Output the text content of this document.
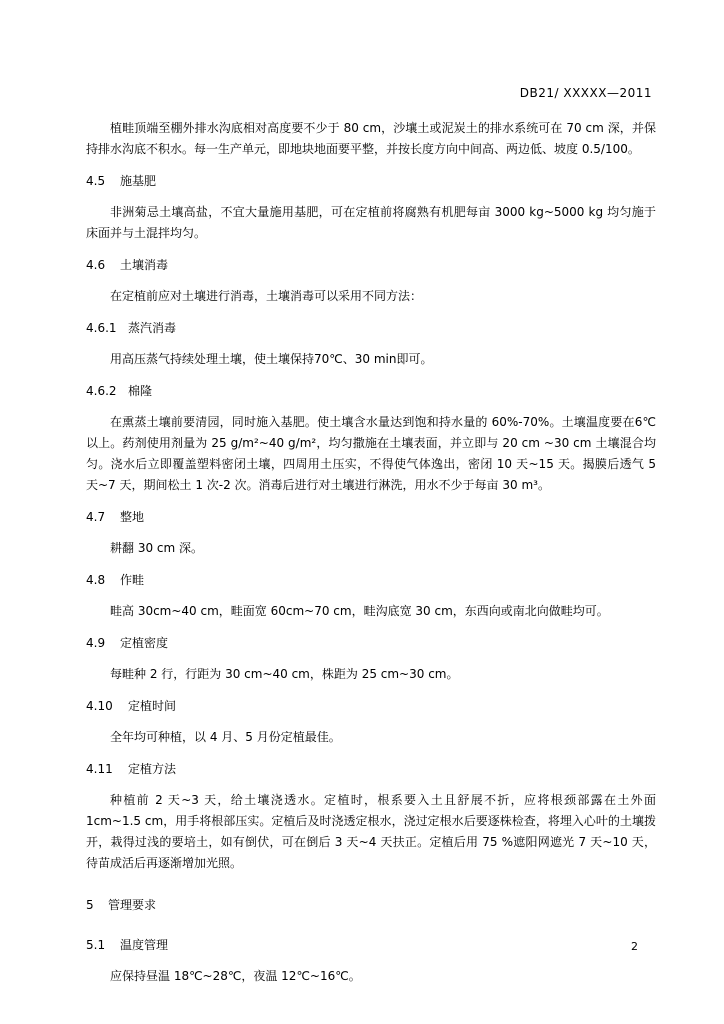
DB21/ XXXXX—2011

植畦顶端至棚外排水沟底相对高度要不少于 80 cm，沙壤土或泥炭土的排水系统可在 70 cm 深，并保持排水沟底不积水。每一生产单元，即地块地面要平整，并按长度方向中间高、两边低、坡度 0.5/100。

4.5 施基肥

非洲菊忌土壤高盐，不宜大量施用基肥，可在定植前将腐熟有机肥每亩 3000 kg~5000 kg 均匀施于床面并与土混拌均匀。

4.6 土壤消毒

在定植前应对土壤进行消毒，土壤消毒可以采用不同方法：

4.6.1 蒸汽消毒

用高压蒸气持续处理土壤，使土壤保持70℃、30 min即可。

4.6.2 棉隆

在熏蒸土壤前要清园，同时施入基肥。使土壤含水量达到饱和持水量的 60%-70%。土壤温度要在6℃以上。药剂使用剂量为 25 g/m²~40 g/m²，均匀撒施在土壤表面，并立即与 20 cm ~30 cm 土壤混合均匀。浇水后立即覆盖塑料密闭土壤，四周用土压实，不得使气体逸出，密闭 10 天~15 天。揭膜后透气 5 天~7 天，期间松土 1 次-2 次。消毒后进行对土壤进行淋洗，用水不少于每亩 30 m³。

4.7 整地

耕翻 30 cm 深。

4.8 作畦

畦高 30cm~40 cm，畦面宽 60cm~70 cm，畦沟底宽 30 cm，东西向或南北向做畦均可。

4.9 定植密度

每畦种 2 行，行距为 30 cm~40 cm，株距为 25 cm~30 cm。

4.10 定植时间

全年均可种植，以 4 月、5 月份定植最佳。

4.11 定植方法

种植前 2 天~3 天，给土壤浇透水。定植时，根系要入土且舒展不折，应将根颈部露在土外面 1cm~1.5 cm，用手将根部压实。定植后及时浇透定根水，浇过定根水后要逐株检查，将埋入心叶的土壤拨开，栽得过浅的要培土，如有倒伏，可在倒后 3 天~4 天扶正。定植后用 75 %遮阳网遮光 7 天~10 天，待苗成活后再逐渐增加光照。

5 管理要求
5.1 温度管理

应保持昼温 18℃~28℃，夜温 12℃~16℃。

2
